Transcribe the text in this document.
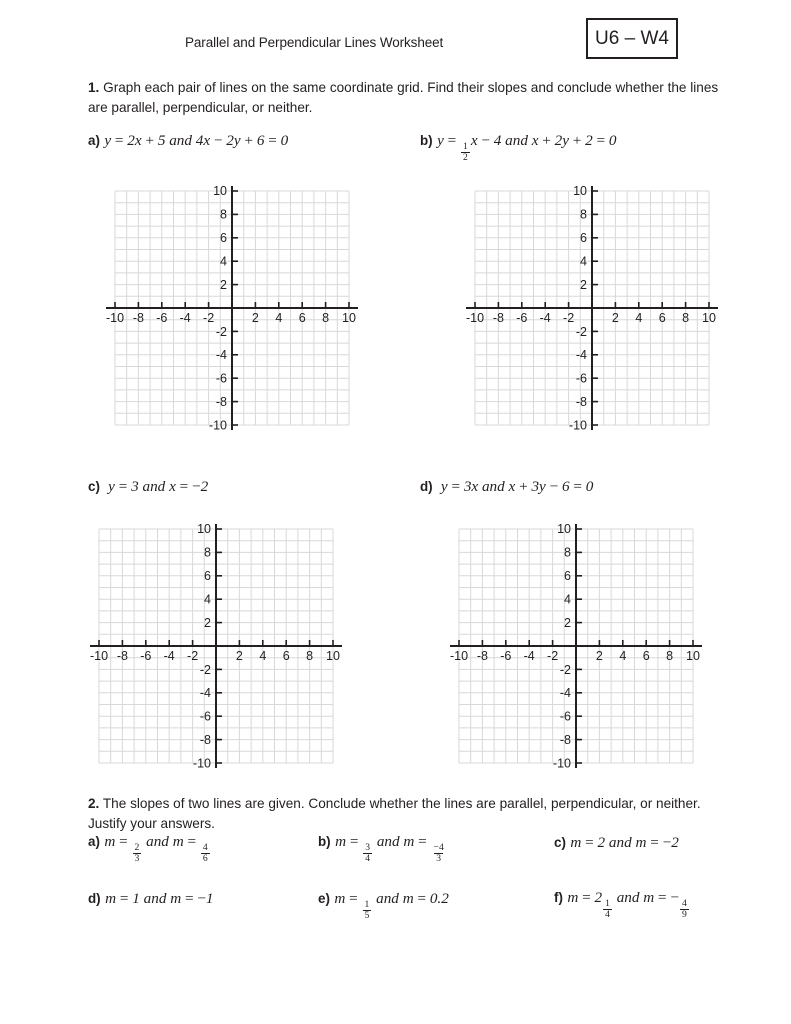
Parallel and Perpendicular Lines Worksheet	U6 – W4
1. Graph each pair of lines on the same coordinate grid. Find their slopes and conclude whether the lines are parallel, perpendicular, or neither.
a) y = 2x + 5 and 4x − 2y + 6 = 0	b) y =
$\frac{1}{2}$
x − 4 and x + 2y + 2 = 0
-10 -8 -6 -4 -2	2 4 6 8 10
10
8
6
4
2
-2
-4
-6
-8
-10
-10 -8 -6 -4 -2	2 4 6 8 10
10
8
6
4
2
-2
-4
-6
-8
-10
c)  y = 3 and x = −2	d)  y = 3x and x + 3y − 6 = 0
-10 -8 -6 -4 -2	2 4 6 8 10
10
8
6
4
2
-2
-4
-6
-8
-10
-10 -8 -6 -4 -2	2 4 6 8 10
10
8
6
4
2
-2
-4
-6
-8
-10
2. The slopes of two lines are given. Conclude whether the lines are parallel, perpendicular, or neither. Justify your answers.
a) m =
$\frac{2}{3}$
and m =
$\frac{4}{6}$
b) m =
$\frac{3}{4}$
and m =
$\frac{-4}{3}$
c) m = 2 and m = −2
d) m = 1 and m = −1	e) m =
$\frac{1}{5}$
and m = 0.2	f) m = 2
$\frac{1}{4}$
and m = −
$\frac{4}{9}$
